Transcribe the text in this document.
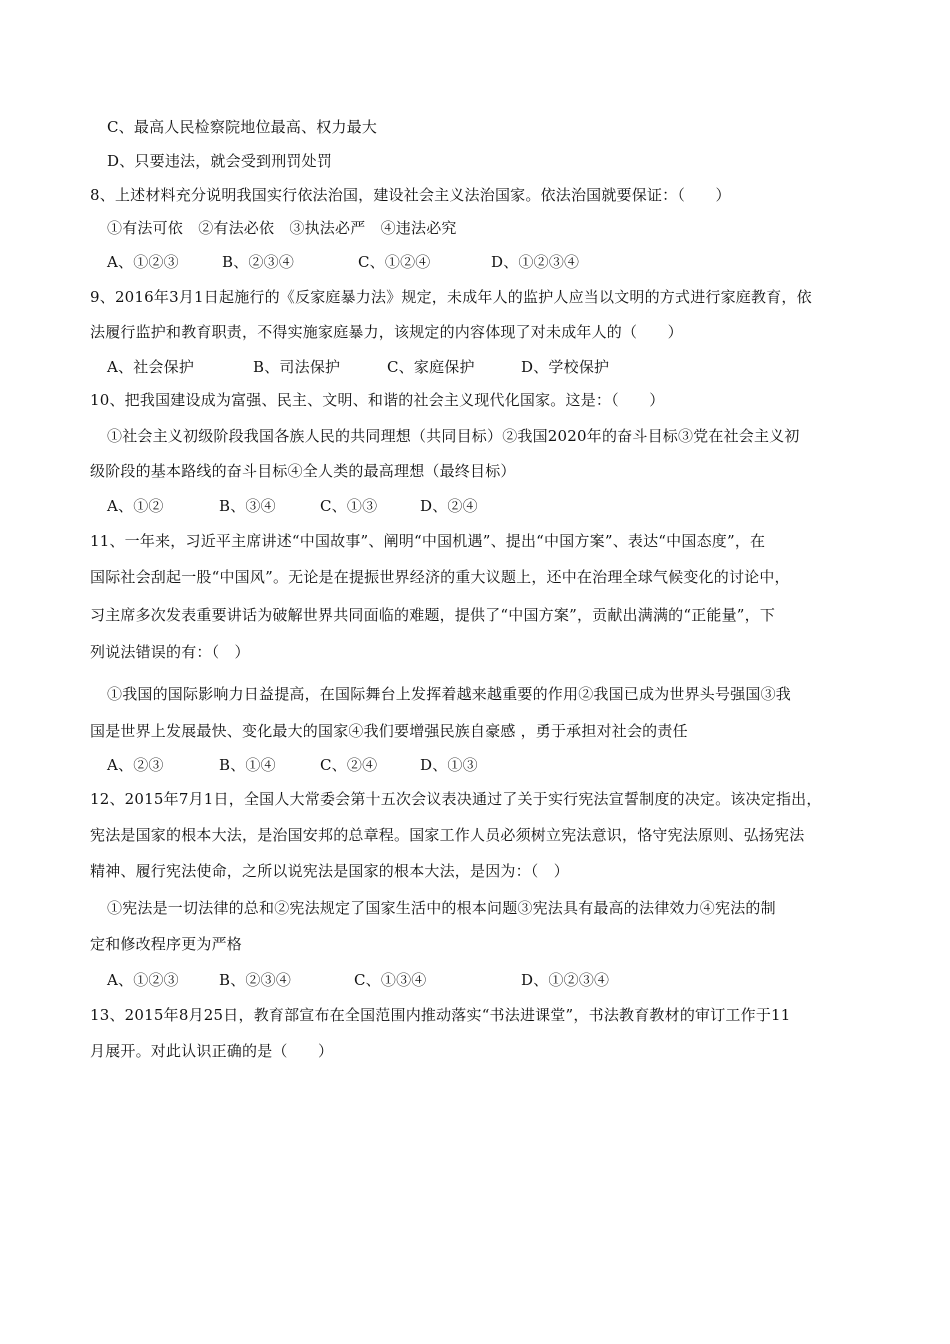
C、最高人民检察院地位最高、权力最大
D、只要违法，就会受到刑罚处罚
8、上述材料充分说明我国实行依法治国，建设社会主义法治国家。依法治国就要保证：（　　）
①有法可依　②有法必依　③执法必严　④违法必究
A、①②③	B、②③④	C、①②④	D、①②③④
9、2016年3月1日起施行的《反家庭暴力法》规定，未成年人的监护人应当以文明的方式进行家庭教育，依
法履行监护和教育职责，不得实施家庭暴力，该规定的内容体现了对未成年人的（　　）
A、社会保护	B、司法保护	C、家庭保护	D、学校保护
10、把我国建设成为富强、民主、文明、和谐的社会主义现代化国家。这是：（　　）
①社会主义初级阶段我国各族人民的共同理想（共同目标）②我国2020年的奋斗目标③党在社会主义初
级阶段的基本路线的奋斗目标④全人类的最高理想（最终目标）
A、①②	B、③④	C、①③	D、②④
11、一年来，习近平主席讲述“中国故事”、阐明“中国机遇”、提出“中国方案”、表达“中国态度”，在
国际社会刮起一股“中国风”。无论是在提振世界经济的重大议题上，还中在治理全球气候变化的讨论中，
习主席多次发表重要讲话为破解世界共同面临的难题，提供了“中国方案”，贡献出满满的“正能量”，下
列说法错误的有：（　）
①我国的国际影响力日益提高，在国际舞台上发挥着越来越重要的作用②我国已成为世界头号强国③我
国是世界上发展最快、变化最大的国家④我们要增强民族自豪感 ，勇于承担对社会的责任
A、②③	B、①④	C、②④	D、①③
12、2015年7月1日，全国人大常委会第十五次会议表决通过了关于实行宪法宣誓制度的决定。该决定指出，
宪法是国家的根本大法，是治国安邦的总章程。国家工作人员必须树立宪法意识，恪守宪法原则、弘扬宪法
精神、履行宪法使命，之所以说宪法是国家的根本大法，是因为：（　）
①宪法是一切法律的总和②宪法规定了国家生活中的根本问题③宪法具有最高的法律效力④宪法的制
定和修改程序更为严格
A、①②③	B、②③④	C、①③④	D、①②③④
13、2015年8月25日，教育部宣布在全国范围内推动落实“书法进课堂”，书法教育教材的审订工作于11
月展开。对此认识正确的是（　　）
